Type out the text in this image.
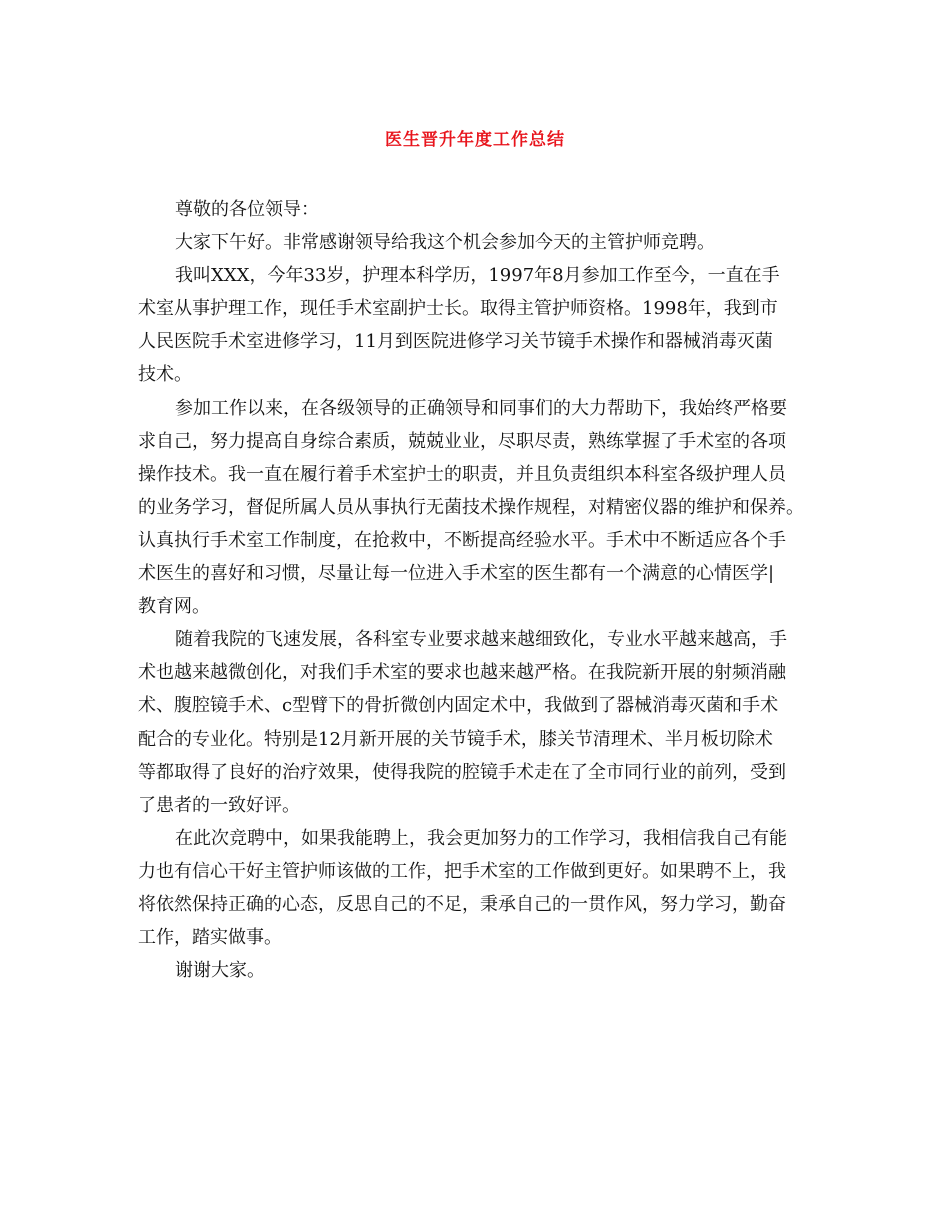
医生晋升年度工作总结
尊敬的各位领导：
大家下午好。非常感谢领导给我这个机会参加今天的主管护师竞聘。
我叫XXX，今年33岁，护理本科学历，1997年8月参加工作至今，一直在手
术室从事护理工作，现任手术室副护士长。取得主管护师资格。1998年，我到市
人民医院手术室进修学习，11月到医院进修学习关节镜手术操作和器械消毒灭菌
技术。
参加工作以来，在各级领导的正确领导和同事们的大力帮助下，我始终严格要
求自己，努力提高自身综合素质，兢兢业业，尽职尽责，熟练掌握了手术室的各项
操作技术。我一直在履行着手术室护士的职责，并且负责组织本科室各级护理人员
的业务学习，督促所属人员从事执行无菌技术操作规程，对精密仪器的维护和保养。
认真执行手术室工作制度，在抢救中，不断提高经验水平。手术中不断适应各个手
术医生的喜好和习惯，尽量让每一位进入手术室的医生都有一个满意的心情医学|
教育网。
随着我院的飞速发展，各科室专业要求越来越细致化，专业水平越来越高，手
术也越来越微创化，对我们手术室的要求也越来越严格。在我院新开展的射频消融
术、腹腔镜手术、c型臂下的骨折微创内固定术中，我做到了器械消毒灭菌和手术
配合的专业化。特别是12月新开展的关节镜手术，膝关节清理术、半月板切除术
等都取得了良好的治疗效果，使得我院的腔镜手术走在了全市同行业的前列，受到
了患者的一致好评。
在此次竞聘中，如果我能聘上，我会更加努力的工作学习，我相信我自己有能
力也有信心干好主管护师该做的工作，把手术室的工作做到更好。如果聘不上，我
将依然保持正确的心态，反思自己的不足，秉承自己的一贯作风，努力学习，勤奋
工作，踏实做事。
谢谢大家。
